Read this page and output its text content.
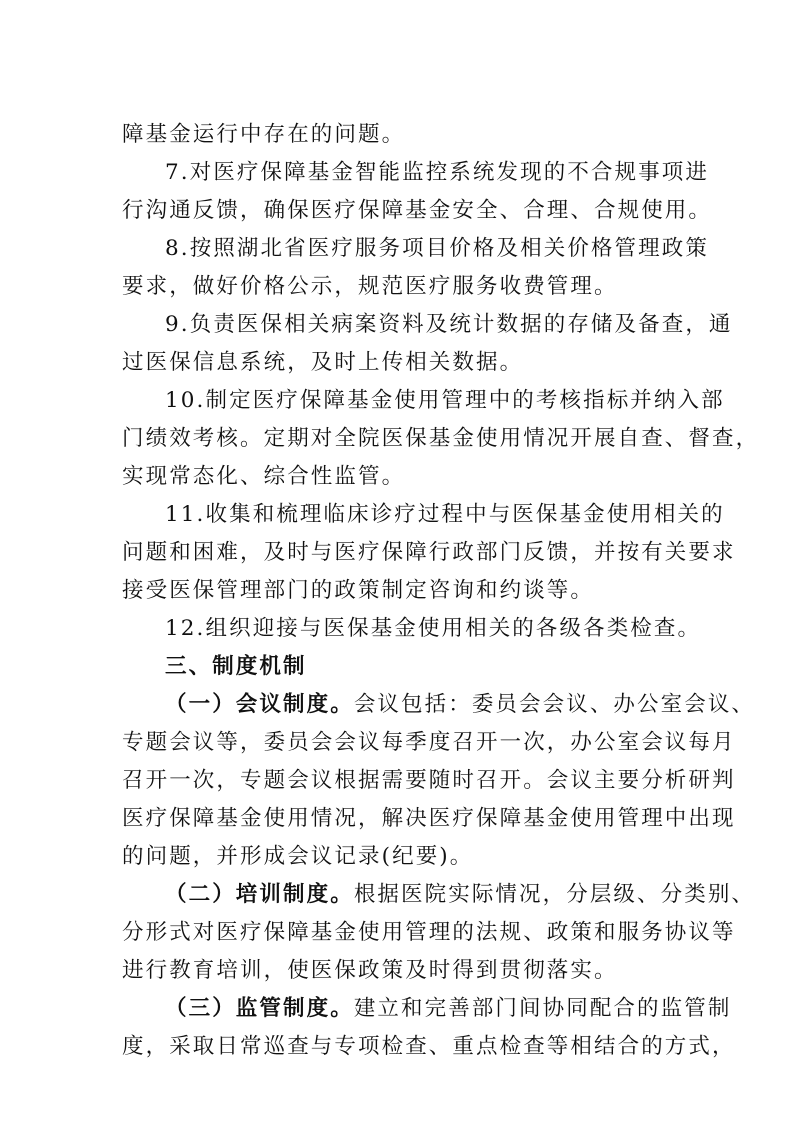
障基金运行中存在的问题。
7.对医疗保障基金智能监控系统发现的不合规事项进
行沟通反馈，确保医疗保障基金安全、合理、合规使用。
8.按照湖北省医疗服务项目价格及相关价格管理政策
要求，做好价格公示，规范医疗服务收费管理。
9.负责医保相关病案资料及统计数据的存储及备查，通
过医保信息系统，及时上传相关数据。
10.制定医疗保障基金使用管理中的考核指标并纳入部
门绩效考核。定期对全院医保基金使用情况开展自查、督查，
实现常态化、综合性监管。
11.收集和梳理临床诊疗过程中与医保基金使用相关的
问题和困难，及时与医疗保障行政部门反馈，并按有关要求
接受医保管理部门的政策制定咨询和约谈等。
12.组织迎接与医保基金使用相关的各级各类检查。
三、制度机制
（一）会议制度。会议包括：委员会会议、办公室会议、
专题会议等，委员会会议每季度召开一次，办公室会议每月
召开一次，专题会议根据需要随时召开。会议主要分析研判
医疗保障基金使用情况，解决医疗保障基金使用管理中出现
的问题，并形成会议记录(纪要)。
（二）培训制度。根据医院实际情况，分层级、分类别、
分形式对医疗保障基金使用管理的法规、政策和服务协议等
进行教育培训，使医保政策及时得到贯彻落实。
（三）监管制度。建立和完善部门间协同配合的监管制
度，采取日常巡查与专项检查、重点检查等相结合的方式，
